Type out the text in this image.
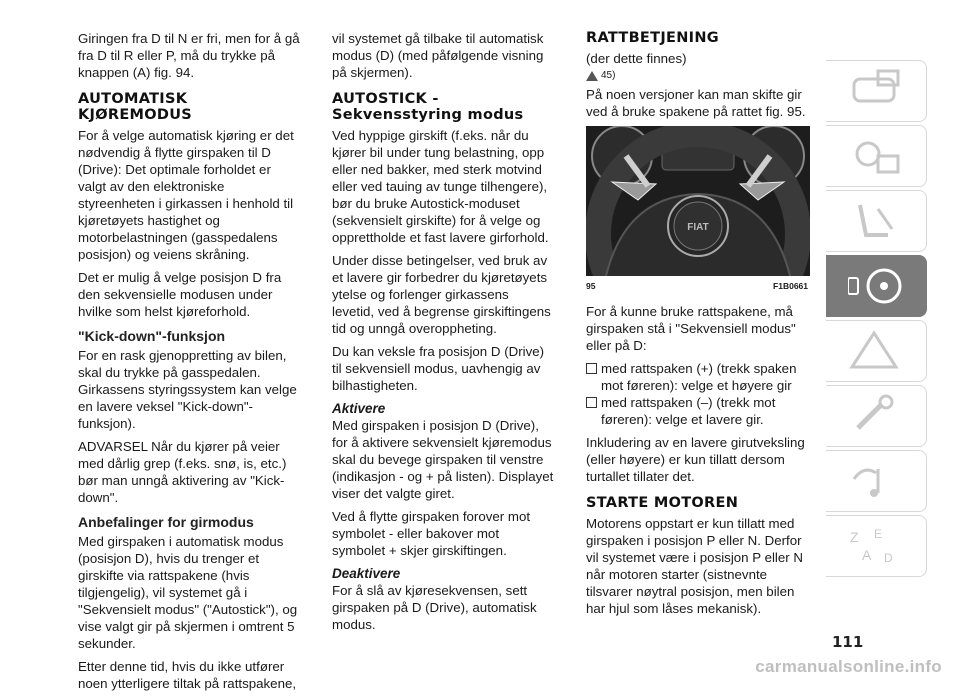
Giringen fra D til N er fri, men for å gå fra D til R eller P, må du trykke på knappen (A) fig. 94.

AUTOMATISK
KJØREMODUS

For å velge automatisk kjøring er det nødvendig å flytte girspaken til D (Drive): Det optimale forholdet er valgt av den elektroniske styreenheten i girkassen i henhold til kjøretøyets hastighet og motorbelastningen (gasspedalens posisjon) og veiens skråning.

Det er mulig å velge posisjon D fra den sekvensielle modusen under hvilke som helst kjøreforhold.

"Kick-down"-funksjon

For en rask gjenoppretting av bilen, skal du trykke på gasspedalen. Girkassens styringssystem kan velge en lavere veksel "Kick-down"-funksjon).

ADVARSEL Når du kjører på veier med dårlig grep (f.eks. snø, is, etc.) bør man unngå aktivering av "Kick-down".

Anbefalinger for girmodus

Med girspaken i automatisk modus (posisjon D), hvis du trenger et girskifte via rattspakene (hvis tilgjengelig), vil systemet gå i "Sekvensielt modus" ("Autostick"), og vise valgt gir på skjermen i omtrent 5 sekunder.

Etter denne tid, hvis du ikke utfører noen ytterligere tiltak på rattspakene,

vil systemet gå tilbake til automatisk modus (D) (med påfølgende visning på skjermen).

AUTOSTICK -
Sekvensstyring modus

Ved hyppige girskift (f.eks. når du kjører bil under tung belastning, opp eller ned bakker, med sterk motvind eller ved tauing av tunge tilhengere), bør du bruke Autostick-moduset (sekvensielt girskifte) for å velge og opprettholde et fast lavere girforhold.

Under disse betingelser, ved bruk av et lavere gir forbedrer du kjøretøyets ytelse og forlenger girkassens levetid, ved å begrense girskiftingens tid og unngå overoppheting.

Du kan veksle fra posisjon D (Drive) til sekvensiell modus, uavhengig av bilhastigheten.

Aktivere

Med girspaken i posisjon D (Drive), for å aktivere sekvensielt kjøremodus skal du bevege girspaken til venstre (indikasjon - og + på listen). Displayet viser det valgte giret.

Ved å flytte girspaken forover mot symbolet - eller bakover mot symbolet + skjer girskiftingen.

Deaktivere

For å slå av kjøresekvensen, sett girspaken på D (Drive), automatisk modus.

RATTBETJENING

(der dette finnes)

45)

På noen versjoner kan man skifte gir ved å bruke spakene på rattet fig. 95.

FIAT
95	F1B0661

For å kunne bruke rattspakene, må girspaken stå i "Sekvensiell modus" eller på D:

med rattspaken (+) (trekk spaken mot føreren): velge et høyere gir
med rattspaken (–) (trekk mot føreren): velge et lavere gir.

Inkludering av en lavere girutveksling (eller høyere) er kun tillatt dersom turtallet tillater det.

STARTE MOTOREN

Motorens oppstart er kun tillatt med girspaken i posisjon P eller N. Derfor vil systemet være i posisjon P eller N når motoren starter (sistnevnte tilsvarer nøytral posisjon, men bilen har hjul som låses mekanisk).

Z E
A D
111
carmanualsonline.info
